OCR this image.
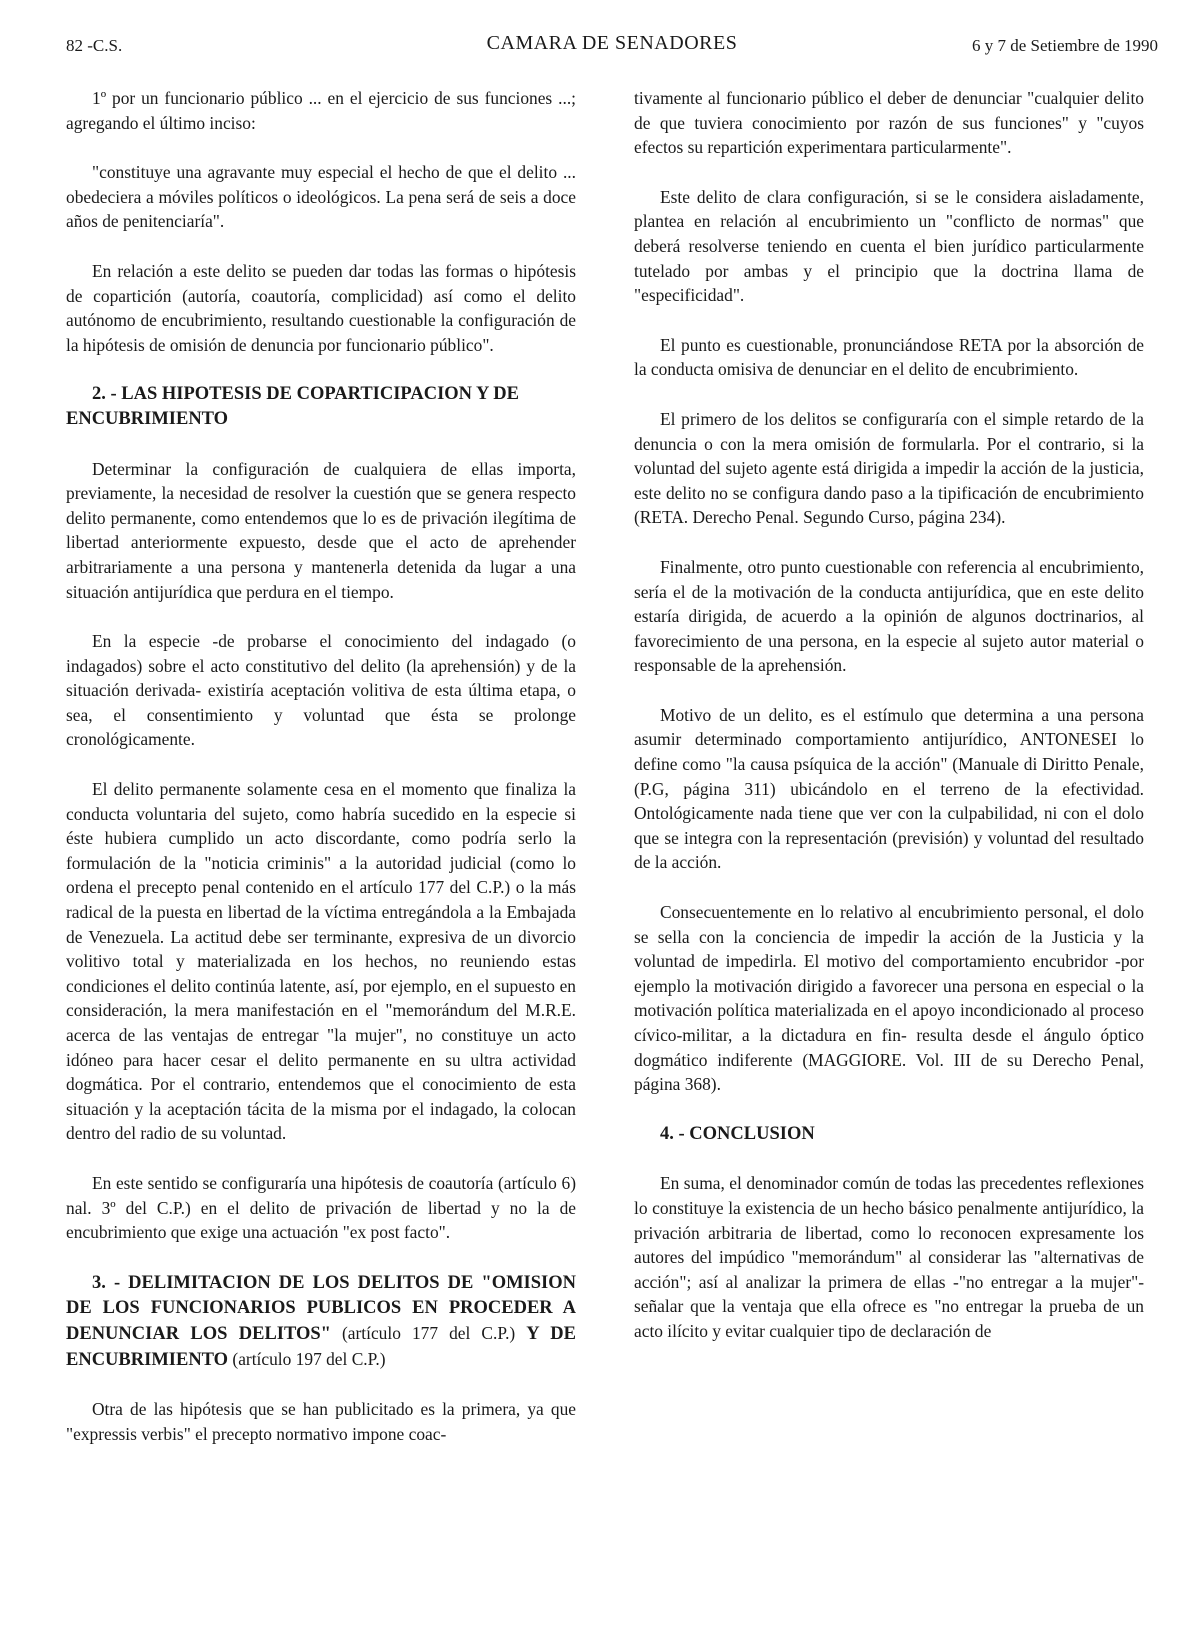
82 -C.S.	CAMARA DE SENADORES	6 y 7 de Setiembre de 1990

1º por un funcionario público ... en el ejercicio de sus funciones ...; agregando el último inciso:

"constituye una agravante muy especial el hecho de que el delito ... obedeciera a móviles políticos o ideológicos. La pena será de seis a doce años de penitenciaría".

En relación a este delito se pueden dar todas las formas o hipótesis de copartición (autoría, coautoría, complicidad) así como el delito autónomo de encubrimiento, resultando cuestionable la configuración de la hipótesis de omisión de denuncia por funcionario público".

2. - LAS HIPOTESIS DE COPARTICIPACION Y DE ENCUBRIMIENTO

Determinar la configuración de cualquiera de ellas importa, previamente, la necesidad de resolver la cuestión que se genera respecto delito permanente, como entendemos que lo es de privación ilegítima de libertad anteriormente expuesto, desde que el acto de aprehender arbitrariamente a una persona y mantenerla detenida da lugar a una situación antijurídica que perdura en el tiempo.

En la especie -de probarse el conocimiento del indagado (o indagados) sobre el acto constitutivo del delito (la aprehensión) y de la situación derivada- existiría aceptación volitiva de esta última etapa, o sea, el consentimiento y voluntad que ésta se prolonge cronológicamente.

El delito permanente solamente cesa en el momento que finaliza la conducta voluntaria del sujeto, como habría sucedido en la especie si éste hubiera cumplido un acto discordante, como podría serlo la formulación de la "noticia criminis" a la autoridad judicial (como lo ordena el precepto penal contenido en el artículo 177 del C.P.) o la más radical de la puesta en libertad de la víctima entregándola a la Embajada de Venezuela. La actitud debe ser terminante, expresiva de un divorcio volitivo total y materializada en los hechos, no reuniendo estas condiciones el delito continúa latente, así, por ejemplo, en el supuesto en consideración, la mera manifestación en el "memorándum del M.R.E. acerca de las ventajas de entregar "la mujer", no constituye un acto idóneo para hacer cesar el delito permanente en su ultra actividad dogmática. Por el contrario, entendemos que el conocimiento de esta situación y la aceptación tácita de la misma por el indagado, la colocan dentro del radio de su voluntad.

En este sentido se configuraría una hipótesis de coautoría (artículo 6) nal. 3º del C.P.) en el delito de privación de libertad y no la de encubrimiento que exige una actuación "ex post facto".

3. - DELIMITACION DE LOS DELITOS DE "OMISION DE LOS FUNCIONARIOS PUBLICOS EN PROCEDER A DENUNCIAR LOS DELITOS" (artículo 177 del C.P.) Y DE ENCUBRIMIENTO (artículo 197 del C.P.)

Otra de las hipótesis que se han publicitado es la primera, ya que "expressis verbis" el precepto normativo impone coac-

tivamente al funcionario público el deber de denunciar "cualquier delito de que tuviera conocimiento por razón de sus funciones" y "cuyos efectos su repartición experimentara particularmente".

Este delito de clara configuración, si se le considera aisladamente, plantea en relación al encubrimiento un "conflicto de normas" que deberá resolverse teniendo en cuenta el bien jurídico particularmente tutelado por ambas y el principio que la doctrina llama de "especificidad".

El punto es cuestionable, pronunciándose RETA por la absorción de la conducta omisiva de denunciar en el delito de encubrimiento.

El primero de los delitos se configuraría con el simple retardo de la denuncia o con la mera omisión de formularla. Por el contrario, si la voluntad del sujeto agente está dirigida a impedir la acción de la justicia, este delito no se configura dando paso a la tipificación de encubrimiento (RETA. Derecho Penal. Segundo Curso, página 234).

Finalmente, otro punto cuestionable con referencia al encubrimiento, sería el de la motivación de la conducta antijurídica, que en este delito estaría dirigida, de acuerdo a la opinión de algunos doctrinarios, al favorecimiento de una persona, en la especie al sujeto autor material o responsable de la aprehensión.

Motivo de un delito, es el estímulo que determina a una persona asumir determinado comportamiento antijurídico, ANTONESEI lo define como "la causa psíquica de la acción" (Manuale di Diritto Penale, (P.G, página 311) ubicándolo en el terreno de la efectividad. Ontológicamente nada tiene que ver con la culpabilidad, ni con el dolo que se integra con la representación (previsión) y voluntad del resultado de la acción.

Consecuentemente en lo relativo al encubrimiento personal, el dolo se sella con la conciencia de impedir la acción de la Justicia y la voluntad de impedirla. El motivo del comportamiento encubridor -por ejemplo la motivación dirigido a favorecer una persona en especial o la motivación política materializada en el apoyo incondicionado al proceso cívico-militar, a la dictadura en fin- resulta desde el ángulo óptico dogmático indiferente (MAGGIORE. Vol. III de su Derecho Penal, página 368).

4. - CONCLUSION

En suma, el denominador común de todas las precedentes reflexiones lo constituye la existencia de un hecho básico penalmente antijurídico, la privación arbitraria de libertad, como lo reconocen expresamente los autores del impúdico "memorándum" al considerar las "alternativas de acción"; así al analizar la primera de ellas -"no entregar a la mujer"- señalar que la ventaja que ella ofrece es "no entregar la prueba de un acto ilícito y evitar cualquier tipo de declaración de
